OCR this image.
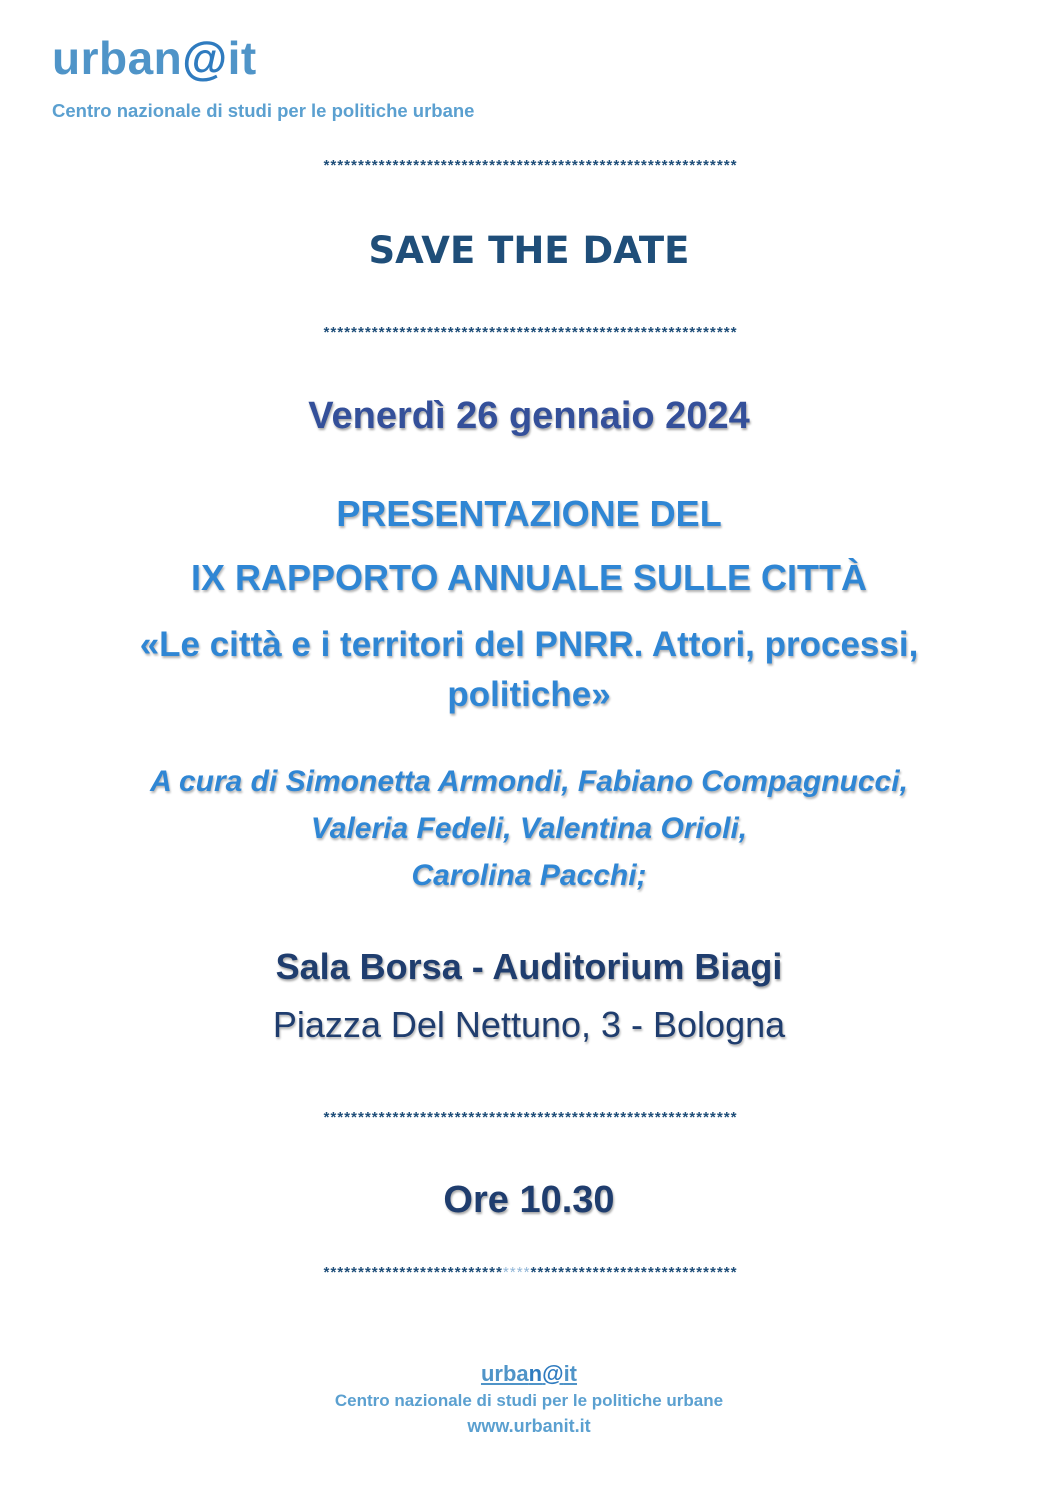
urban@it
Centro nazionale di studi per le politiche urbane
************************************************************
SAVE THE DATE
************************************************************
Venerdì 26 gennaio 2024
PRESENTAZIONE DEL
IX RAPPORTO ANNUALE SULLE CITTÀ
«Le città e i territori del PNRR. Attori, processi,
politiche»
A cura di Simonetta Armondi, Fabiano Compagnucci,
Valeria Fedeli, Valentina Orioli,
Carolina Pacchi;
Sala Borsa - Auditorium Biagi
Piazza Del Nettuno, 3 - Bologna
************************************************************
Ore 10.30
************************************************************
urban@it
Centro nazionale di studi per le politiche urbane
www.urbanit.it
